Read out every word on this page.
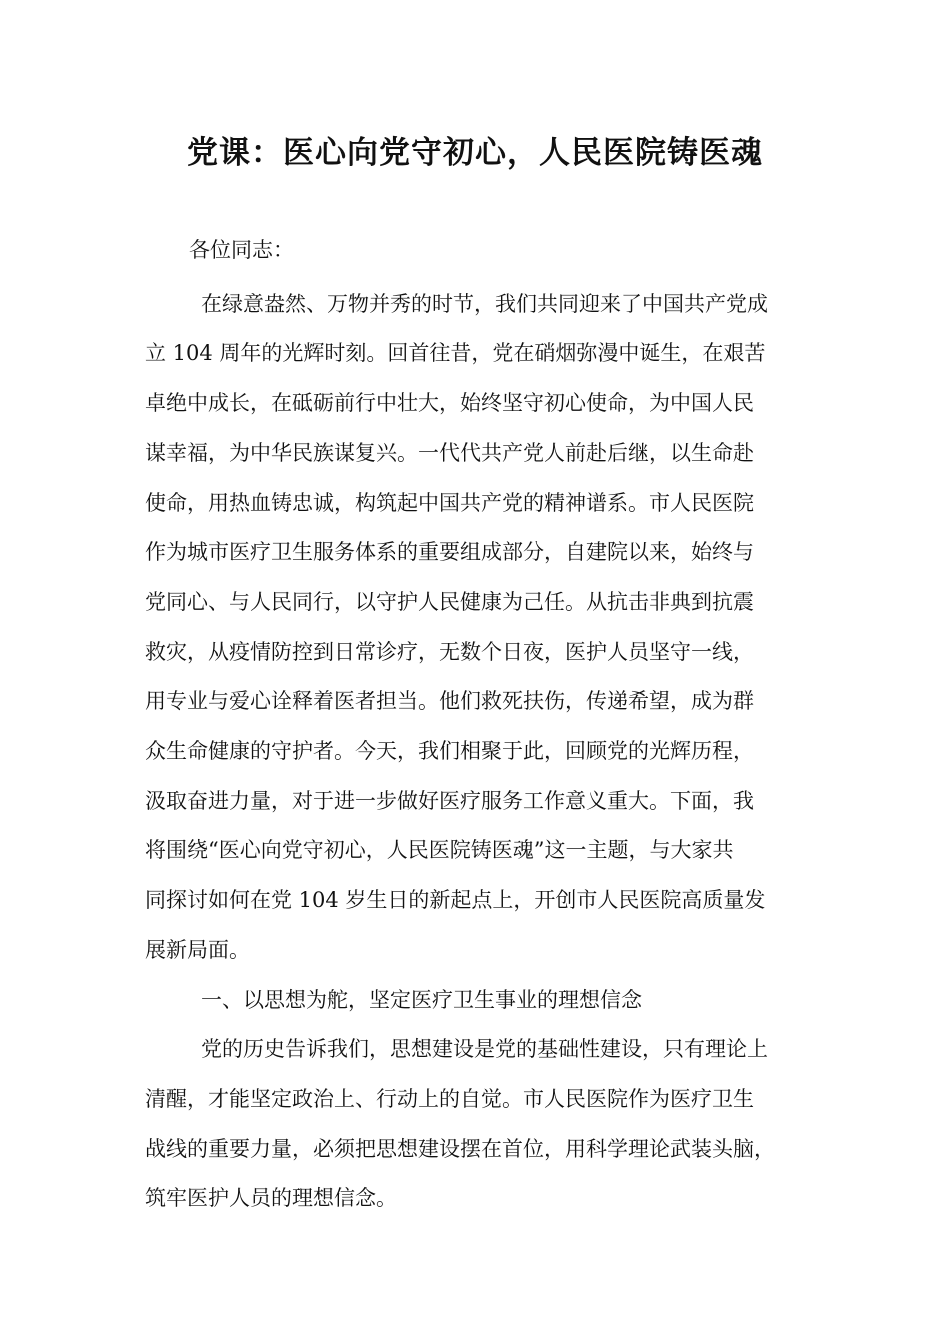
党课：医心向党守初心，人民医院铸医魂

各位同志：

在绿意盎然、万物并秀的时节，我们共同迎来了中国共产党成
立 104 周年的光辉时刻。回首往昔，党在硝烟弥漫中诞生，在艰苦
卓绝中成长，在砥砺前行中壮大，始终坚守初心使命，为中国人民
谋幸福，为中华民族谋复兴。一代代共产党人前赴后继，以生命赴
使命，用热血铸忠诚，构筑起中国共产党的精神谱系。市人民医院
作为城市医疗卫生服务体系的重要组成部分，自建院以来，始终与
党同心、与人民同行，以守护人民健康为己任。从抗击非典到抗震
救灾，从疫情防控到日常诊疗，无数个日夜，医护人员坚守一线，
用专业与爱心诠释着医者担当。他们救死扶伤，传递希望，成为群
众生命健康的守护者。今天，我们相聚于此，回顾党的光辉历程，
汲取奋进力量，对于进一步做好医疗服务工作意义重大。下面，我
将围绕“医心向党守初心，人民医院铸医魂”这一主题，与大家共
同探讨如何在党 104 岁生日的新起点上，开创市人民医院高质量发
展新局面。

一、以思想为舵，坚定医疗卫生事业的理想信念

党的历史告诉我们，思想建设是党的基础性建设，只有理论上
清醒，才能坚定政治上、行动上的自觉。市人民医院作为医疗卫生
战线的重要力量，必须把思想建设摆在首位，用科学理论武装头脑，
筑牢医护人员的理想信念。
